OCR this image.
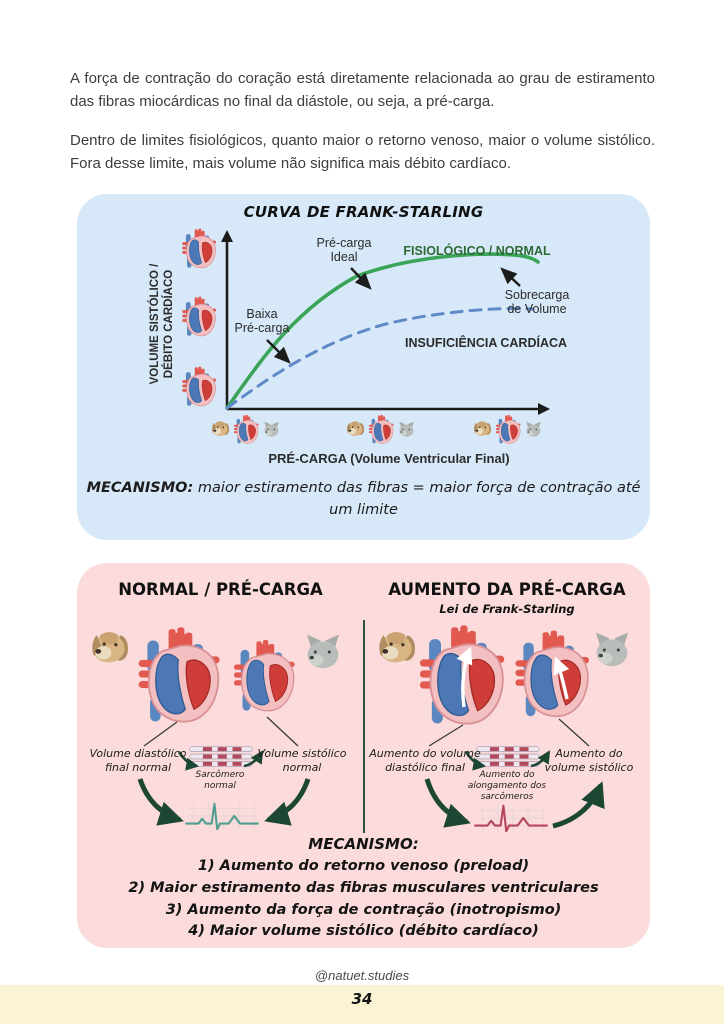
A força de contração do coração está diretamente relacionada ao grau de estiramento das fibras miocárdicas no final da diástole, ou seja, a pré-carga.

Dentro de limites fisiológicos, quanto maior o retorno venoso, maior o volume sistólico. Fora desse limite, mais volume não significa mais débito cardíaco.

CURVA DE FRANK-STARLING
VOLUME SISTÓLICO / DÉBITO CARDÍACO
Pré-carga
Ideal
Baixa
Pré-carga
FISIOLÓGICO / NORMAL
Sobrecarga
de Volume
INSUFICIÊNCIA CARDÍACA
PRÉ-CARGA (Volume Ventricular Final)

MECANISMO: maior estiramento das fibras = maior força de contração até um limite

NORMAL / PRÉ-CARGA	AUMENTO DA PRÉ-CARGA
Lei de Frank-Starling
Volume diastólico
final normal
Sarcômero
normal
Volume sistólico
normal
Aumento do volume
diastólico final
Aumento do
alongamento dos
sarcômeros
Aumento do
volume sistólico
MECANISMO:
1) Aumento do retorno venoso (preload)
2) Maior estiramento das fibras musculares ventriculares
3) Aumento da força de contração (inotropismo)
4) Maior volume sistólico (débito cardíaco)
@natuet.studies
34
